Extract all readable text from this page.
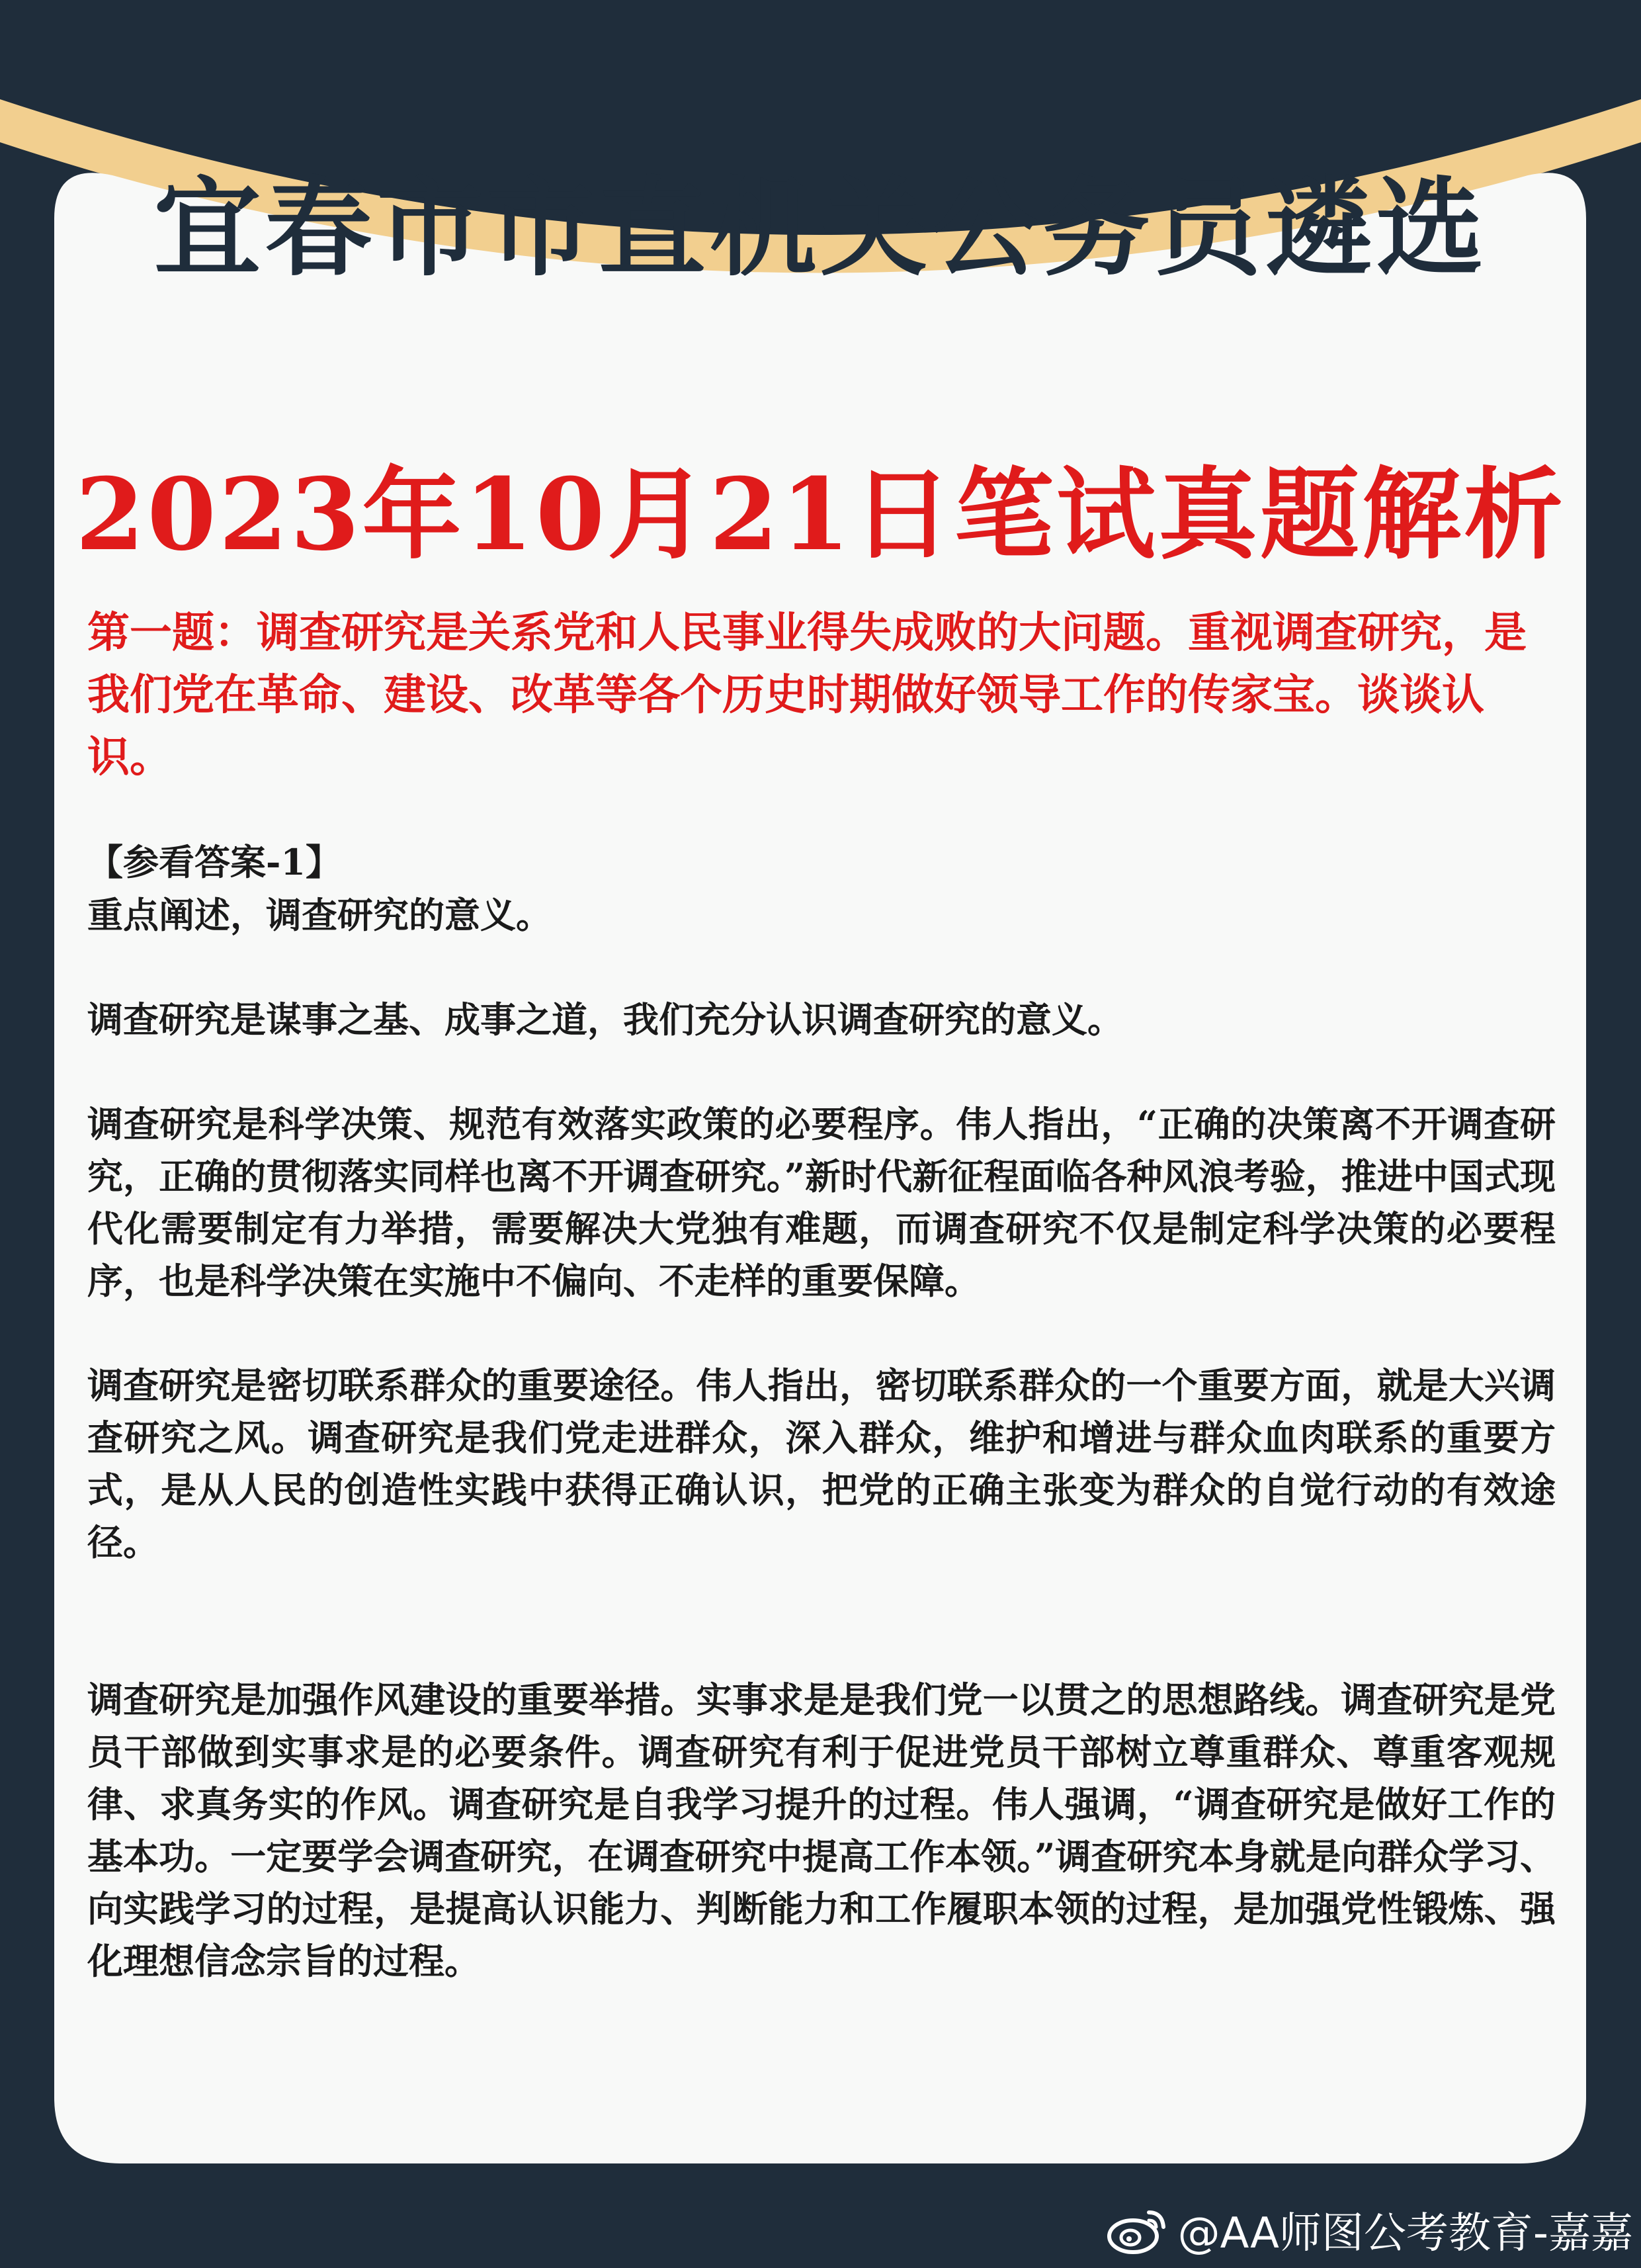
宜春市市直机关公务员遴选
2023年10月21日笔试真题解析

第一题：调查研究是关系党和人民事业得失成败的大问题。重视调查研究，是我们党在革命、建设、改革等各个历史时期做好领导工作的传家宝。谈谈认识。

【参看答案-1】

重点阐述，调查研究的意义。

调查研究是谋事之基、成事之道，我们充分认识调查研究的意义。

调查研究是科学决策、规范有效落实政策的必要程序。伟人指出，“正确的决策离不开调查研究，正确的贯彻落实同样也离不开调查研究。”新时代新征程面临各种风浪考验，推进中国式现代化需要制定有力举措，需要解决大党独有难题，而调查研究不仅是制定科学决策的必要程序，也是科学决策在实施中不偏向、不走样的重要保障。

调查研究是密切联系群众的重要途径。伟人指出，密切联系群众的一个重要方面，就是大兴调查研究之风。调查研究是我们党走进群众，深入群众，维护和增进与群众血肉联系的重要方式，是从人民的创造性实践中获得正确认识，把党的正确主张变为群众的自觉行动的有效途径。

调查研究是加强作风建设的重要举措。实事求是是我们党一以贯之的思想路线。调查研究是党员干部做到实事求是的必要条件。调查研究有利于促进党员干部树立尊重群众、尊重客观规律、求真务实的作风。调查研究是自我学习提升的过程。伟人强调，“调查研究是做好工作的基本功。一定要学会调查研究，在调查研究中提高工作本领。”调查研究本身就是向群众学习、向实践学习的过程，是提高认识能力、判断能力和工作履职本领的过程，是加强党性锻炼、强化理想信念宗旨的过程。

@AA师图公考教育-嘉嘉
